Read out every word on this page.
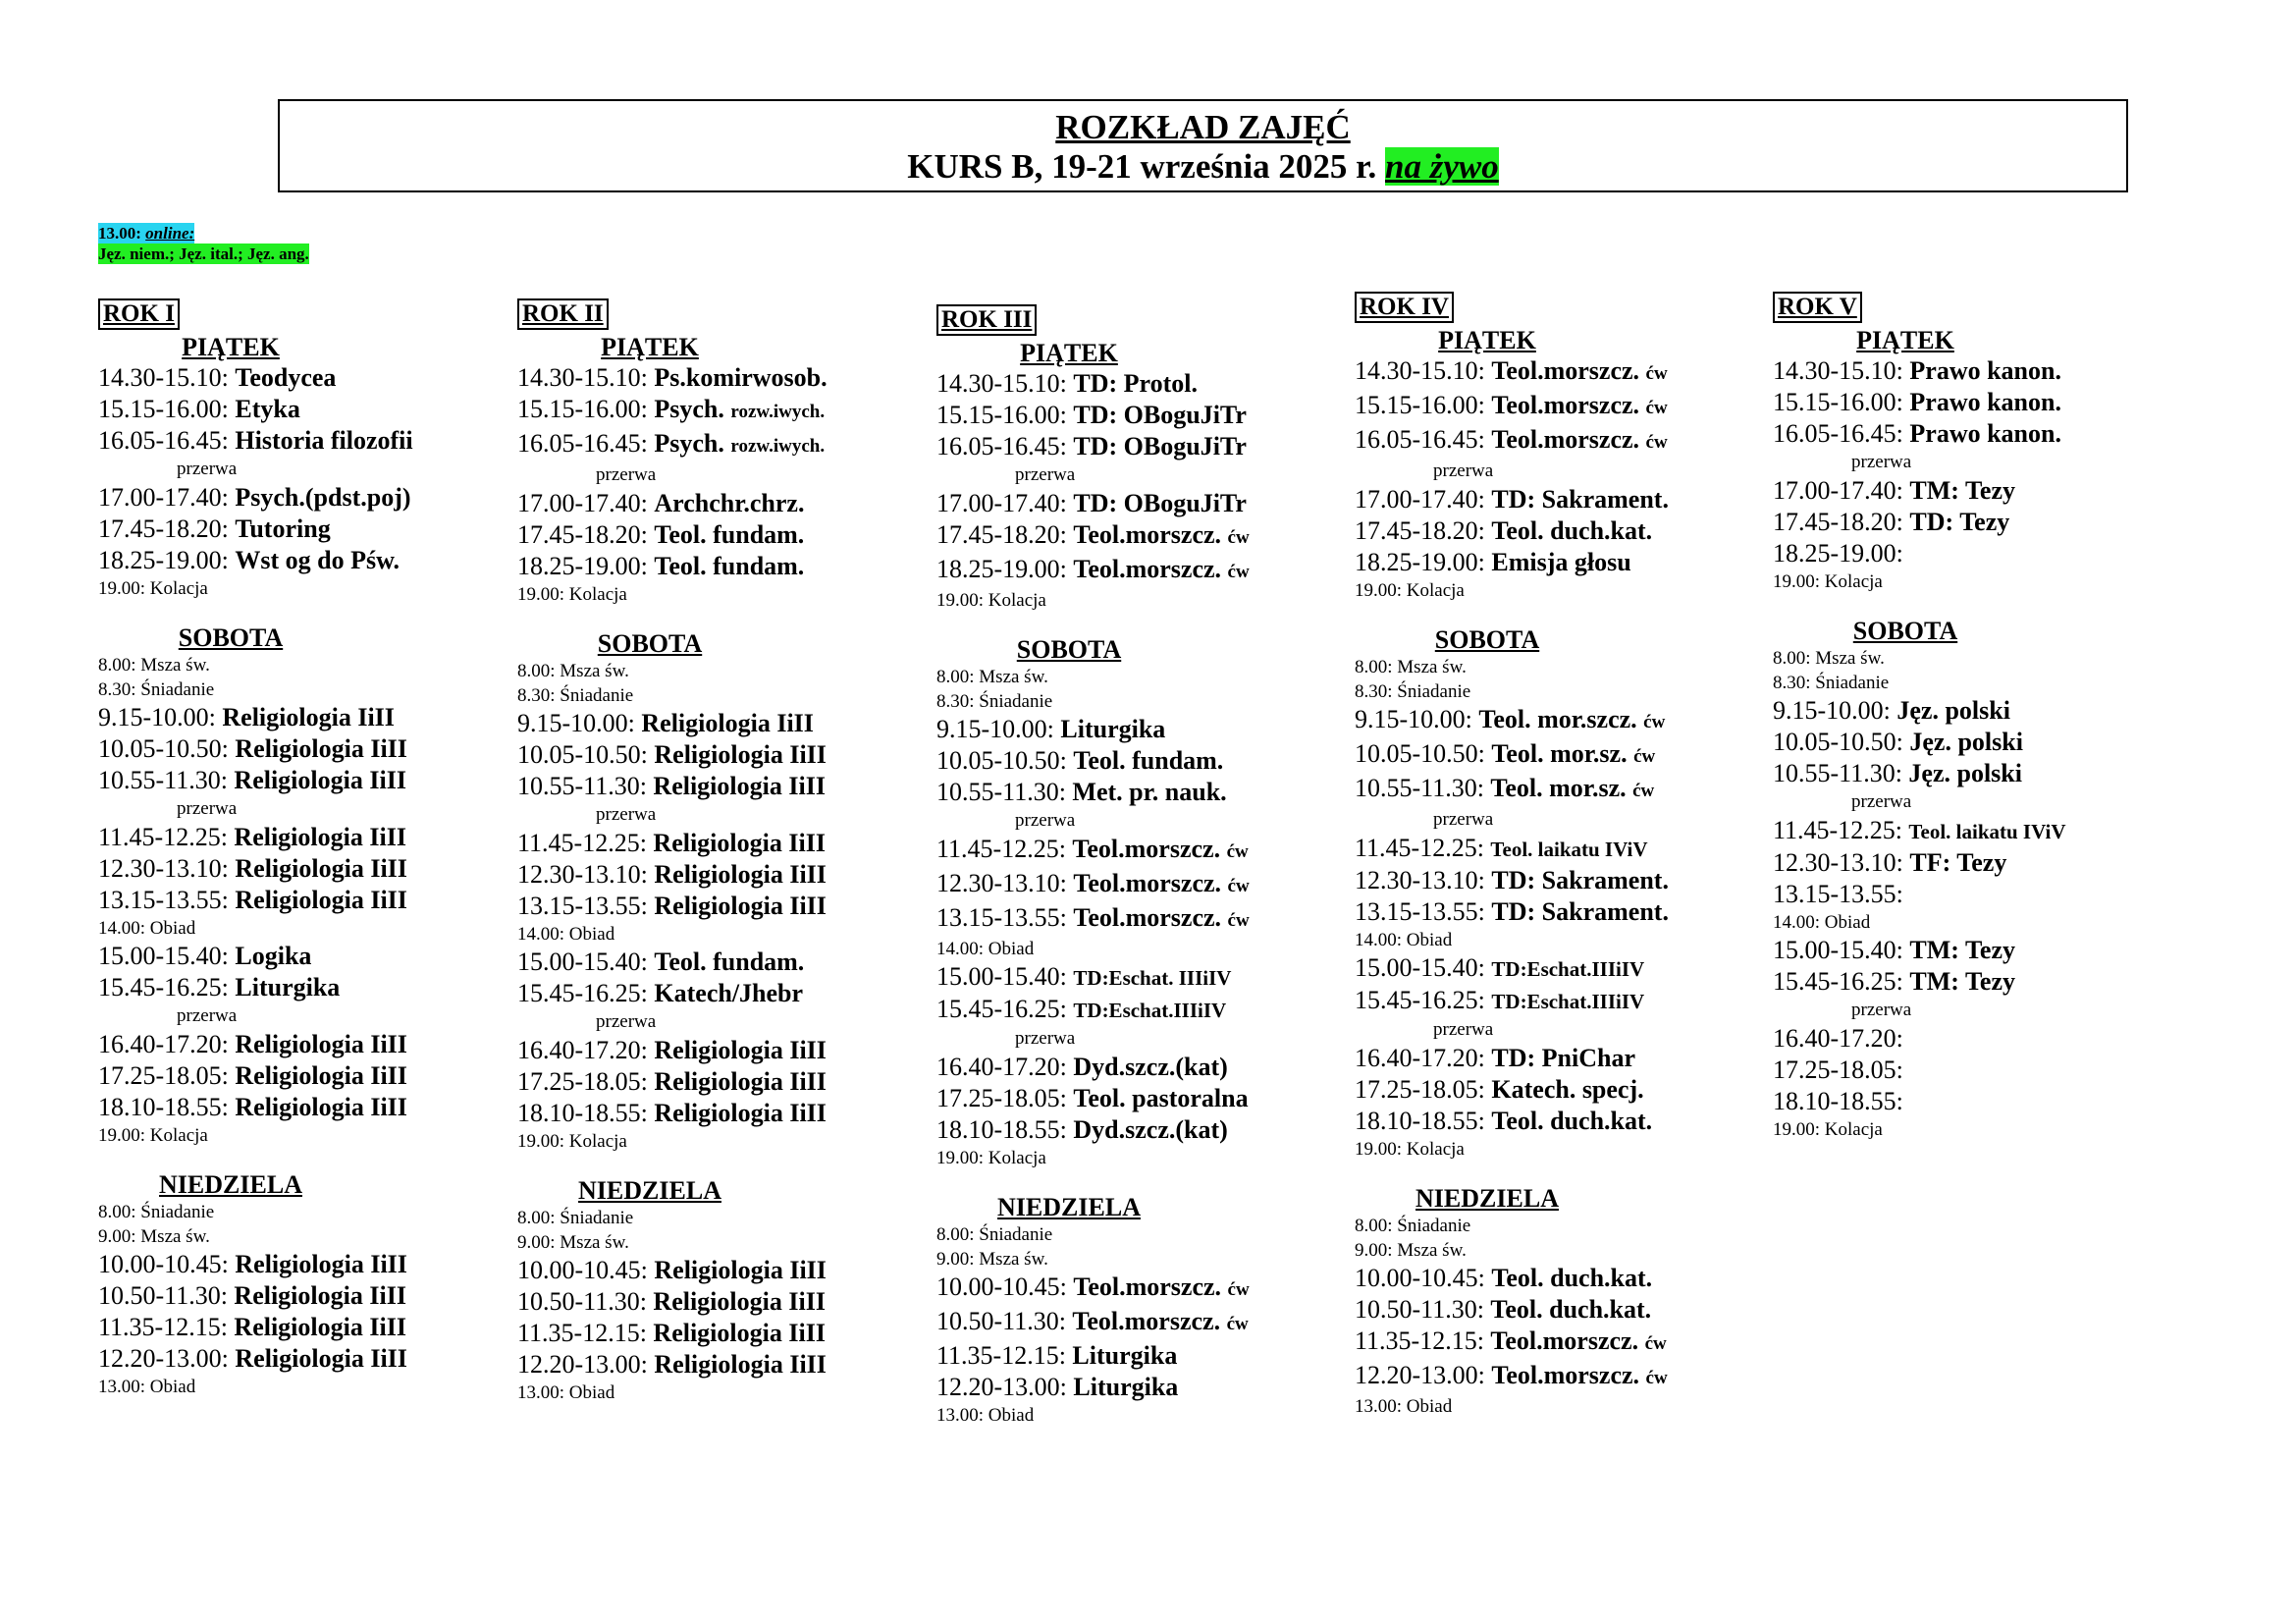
ROZKŁAD ZAJĘĆ
KURS B, 19-21 września 2025 r. na żywo
13.00: online:
Jęz. niem.; Jęz. ital.; Jęz. ang.
ROK I
PIĄTEK
14.30-15.10: Teodycea
15.15-16.00: Etyka
16.05-16.45: Historia filozofii
przerwa
17.00-17.40: Psych.(pdst.poj)
17.45-18.20: Tutoring
18.25-19.00: Wst og do Pśw.
19.00: Kolacja
SOBOTA
8.00: Msza św.
8.30: Śniadanie
9.15-10.00: Religiologia IiII
10.05-10.50: Religiologia IiII
10.55-11.30: Religiologia IiII
przerwa
11.45-12.25: Religiologia IiII
12.30-13.10: Religiologia IiII
13.15-13.55: Religiologia IiII
14.00: Obiad
15.00-15.40: Logika
15.45-16.25: Liturgika
przerwa
16.40-17.20: Religiologia IiII
17.25-18.05: Religiologia IiII
18.10-18.55: Religiologia IiII
19.00: Kolacja
NIEDZIELA
8.00: Śniadanie
9.00: Msza św.
10.00-10.45: Religiologia IiII
10.50-11.30: Religiologia IiII
11.35-12.15: Religiologia IiII
12.20-13.00: Religiologia IiII
13.00: Obiad
ROK II
PIĄTEK
14.30-15.10: Ps.komirwosob.
15.15-16.00: Psych. rozw.iwych.
16.05-16.45: Psych. rozw.iwych.
przerwa
17.00-17.40: Archchr.chrz.
17.45-18.20: Teol. fundam.
18.25-19.00: Teol. fundam.
19.00: Kolacja
SOBOTA
8.00: Msza św.
8.30: Śniadanie
9.15-10.00: Religiologia IiII
10.05-10.50: Religiologia IiII
10.55-11.30: Religiologia IiII
przerwa
11.45-12.25: Religiologia IiII
12.30-13.10: Religiologia IiII
13.15-13.55: Religiologia IiII
14.00: Obiad
15.00-15.40: Teol. fundam.
15.45-16.25: Katech/Jhebr
przerwa
16.40-17.20: Religiologia IiII
17.25-18.05: Religiologia IiII
18.10-18.55: Religiologia IiII
19.00: Kolacja
NIEDZIELA
8.00: Śniadanie
9.00: Msza św.
10.00-10.45: Religiologia IiII
10.50-11.30: Religiologia IiII
11.35-12.15: Religiologia IiII
12.20-13.00: Religiologia IiII
13.00: Obiad
ROK III
PIĄTEK
14.30-15.10: TD: Protol.
15.15-16.00: TD: OBoguJiTr
16.05-16.45: TD: OBoguJiTr
przerwa
17.00-17.40: TD: OBoguJiTr
17.45-18.20: Teol.morszcz. ćw
18.25-19.00: Teol.morszcz. ćw
19.00: Kolacja
SOBOTA
8.00: Msza św.
8.30: Śniadanie
9.15-10.00: Liturgika
10.05-10.50: Teol. fundam.
10.55-11.30: Met. pr. nauk.
przerwa
11.45-12.25: Teol.morszcz. ćw
12.30-13.10: Teol.morszcz. ćw
13.15-13.55: Teol.morszcz. ćw
14.00: Obiad
15.00-15.40: TD:Eschat. IIIiIV
15.45-16.25: TD:Eschat.IIIiIV
przerwa
16.40-17.20: Dyd.szcz.(kat)
17.25-18.05: Teol. pastoralna
18.10-18.55: Dyd.szcz.(kat)
19.00: Kolacja
NIEDZIELA
8.00: Śniadanie
9.00: Msza św.
10.00-10.45: Teol.morszcz. ćw
10.50-11.30: Teol.morszcz. ćw
11.35-12.15: Liturgika
12.20-13.00: Liturgika
13.00: Obiad
ROK IV
PIĄTEK
14.30-15.10: Teol.morszcz. ćw
15.15-16.00: Teol.morszcz. ćw
16.05-16.45: Teol.morszcz. ćw
przerwa
17.00-17.40: TD: Sakrament.
17.45-18.20: Teol. duch.kat.
18.25-19.00: Emisja głosu
19.00: Kolacja
SOBOTA
8.00: Msza św.
8.30: Śniadanie
9.15-10.00: Teol. mor.szcz. ćw
10.05-10.50: Teol. mor.sz. ćw
10.55-11.30: Teol. mor.sz. ćw
przerwa
11.45-12.25: Teol. laikatu IViV
12.30-13.10: TD: Sakrament.
13.15-13.55: TD: Sakrament.
14.00: Obiad
15.00-15.40: TD:Eschat.IIIiIV
15.45-16.25: TD:Eschat.IIIiIV
przerwa
16.40-17.20: TD: PniChar
17.25-18.05: Katech. specj.
18.10-18.55: Teol. duch.kat.
19.00: Kolacja
NIEDZIELA
8.00: Śniadanie
9.00: Msza św.
10.00-10.45: Teol. duch.kat.
10.50-11.30: Teol. duch.kat.
11.35-12.15: Teol.morszcz. ćw
12.20-13.00: Teol.morszcz. ćw
13.00: Obiad
ROK V
PIĄTEK
14.30-15.10: Prawo kanon.
15.15-16.00: Prawo kanon.
16.05-16.45: Prawo kanon.
przerwa
17.00-17.40: TM: Tezy
17.45-18.20: TD: Tezy
18.25-19.00:
19.00: Kolacja
SOBOTA
8.00: Msza św.
8.30: Śniadanie
9.15-10.00: Jęz. polski
10.05-10.50: Jęz. polski
10.55-11.30: Jęz. polski
przerwa
11.45-12.25: Teol. laikatu IViV
12.30-13.10: TF: Tezy
13.15-13.55:
14.00: Obiad
15.00-15.40: TM: Tezy
15.45-16.25: TM: Tezy
przerwa
16.40-17.20:
17.25-18.05:
18.10-18.55:
19.00: Kolacja
